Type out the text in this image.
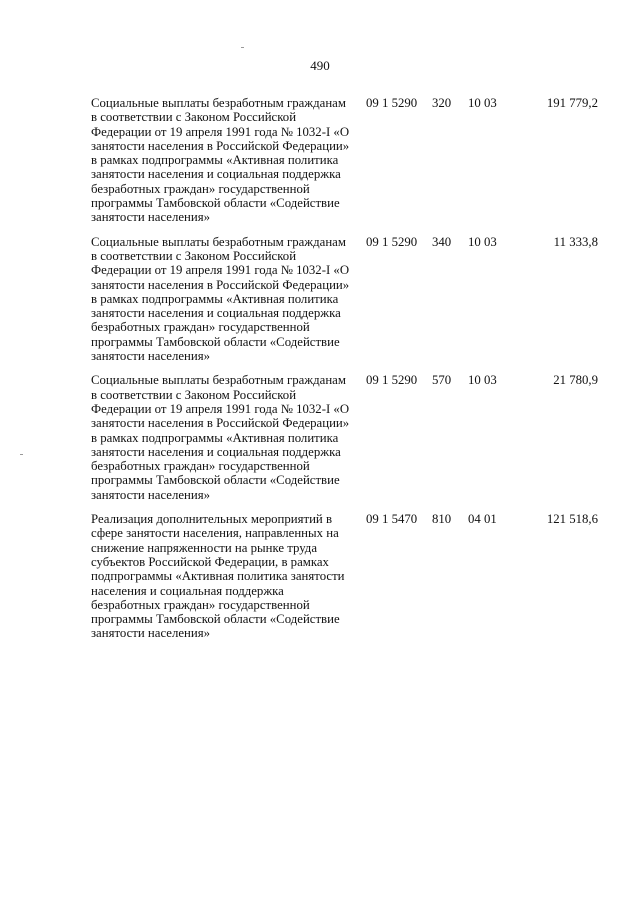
490
Социальные выплаты безработным гражданам в соответствии с Законом Российской Федерации от 19 апреля 1991 года № 1032-I «О занятости населения в Российской Федерации» в рамках подпрограммы «Активная политика занятости населения и социальная поддержка безработных граждан» государственной программы Тамбовской области «Содействие занятости населения»
09 1 5290 320 10 03	191 779,2
Социальные выплаты безработным гражданам в соответствии с Законом Российской Федерации от 19 апреля 1991 года № 1032-I «О занятости населения в Российской Федерации» в рамках подпрограммы «Активная политика занятости населения и социальная поддержка безработных граждан» государственной программы Тамбовской области «Содействие занятости населения»
09 1 5290 340 10 03	11 333,8
Социальные выплаты безработным гражданам в соответствии с Законом Российской Федерации от 19 апреля 1991 года № 1032-I «О занятости населения в Российской Федерации» в рамках подпрограммы «Активная политика занятости населения и социальная поддержка безработных граждан» государственной программы Тамбовской области «Содействие занятости населения»
09 1 5290 570 10 03	21 780,9
Реализация дополнительных мероприятий в сфере занятости населения, направленных на снижение напряженности на рынке труда субъектов Российской Федерации, в рамках подпрограммы «Активная политика занятости населения и социальная поддержка безработных граждан» государственной программы Тамбовской области «Содействие занятости населения»
09 1 5470 810 04 01	121 518,6
